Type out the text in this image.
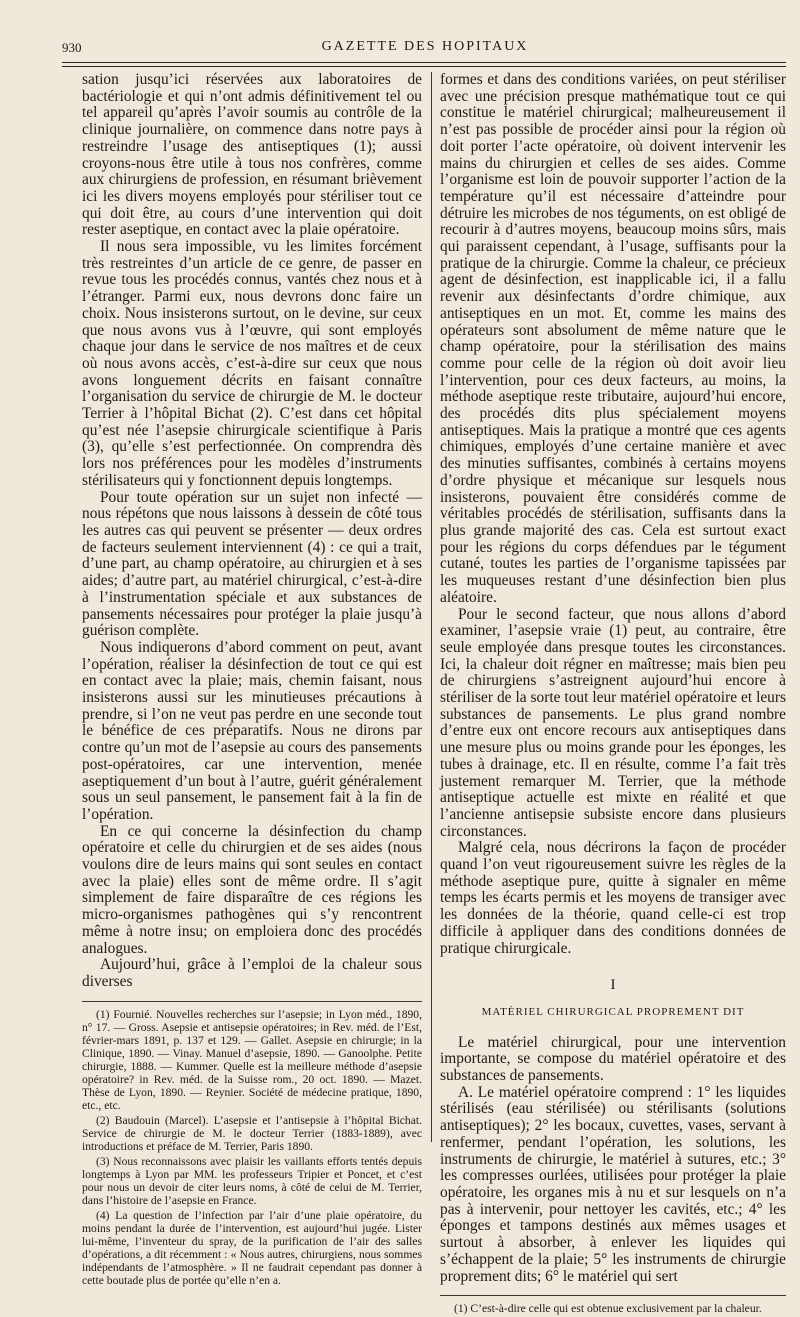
930	GAZETTE DES HOPITAUX

sation jusqu’ici réservées aux laboratoires de bactériologie et qui n’ont admis définitivement tel ou tel appareil qu’après l’avoir soumis au contrôle de la clinique journalière, on commence dans notre pays à restreindre l’usage des antiseptiques (1); aussi croyons-nous être utile à tous nos confrères, comme aux chirurgiens de profession, en résumant brièvement ici les divers moyens employés pour stériliser tout ce qui doit être, au cours d’une intervention qui doit rester aseptique, en contact avec la plaie opératoire.

Il nous sera impossible, vu les limites forcément très restreintes d’un article de ce genre, de passer en revue tous les procédés connus, vantés chez nous et à l’étranger. Parmi eux, nous devrons donc faire un choix. Nous insisterons surtout, on le devine, sur ceux que nous avons vus à l’œuvre, qui sont employés chaque jour dans le service de nos maîtres et de ceux où nous avons accès, c’est-à-dire sur ceux que nous avons longuement décrits en faisant connaître l’organisation du service de chirurgie de M. le docteur Terrier à l’hôpital Bichat (2). C’est dans cet hôpital qu’est née l’asepsie chirurgicale scientifique à Paris (3), qu’elle s’est perfectionnée. On comprendra dès lors nos préférences pour les modèles d’instruments stérilisateurs qui y fonctionnent depuis longtemps.

Pour toute opération sur un sujet non infecté — nous répétons que nous laissons à dessein de côté tous les autres cas qui peuvent se présenter — deux ordres de facteurs seulement interviennent (4) : ce qui a trait, d’une part, au champ opératoire, au chirurgien et à ses aides; d’autre part, au matériel chirurgical, c’est-à-dire à l’instrumentation spéciale et aux substances de pansements nécessaires pour protéger la plaie jusqu’à guérison complète.

Nous indiquerons d’abord comment on peut, avant l’opération, réaliser la désinfection de tout ce qui est en contact avec la plaie; mais, chemin faisant, nous insisterons aussi sur les minutieuses précautions à prendre, si l’on ne veut pas perdre en une seconde tout le bénéfice de ces préparatifs. Nous ne dirons par contre qu’un mot de l’asepsie au cours des pansements post-opératoires, car une intervention, menée aseptiquement d’un bout à l’autre, guérit généralement sous un seul pansement, le pansement fait à la fin de l’opération.

En ce qui concerne la désinfection du champ opératoire et celle du chirurgien et de ses aides (nous voulons dire de leurs mains qui sont seules en contact avec la plaie) elles sont de même ordre. Il s’agit simplement de faire disparaître de ces régions les micro-organismes pathogènes qui s’y rencontrent même à notre insu; on emploiera donc des procédés analogues.

Aujourd’hui, grâce à l’emploi de la chaleur sous diverses

(1) Fournié. Nouvelles recherches sur l’asepsie; in Lyon méd., 1890, n° 17. — Gross. Asepsie et antisepsie opératoires; in Rev. méd. de l’Est, février-mars 1891, p. 137 et 129. — Gallet. Asepsie en chirurgie; in la Clinique, 1890. — Vinay. Manuel d’asepsie, 1890. — Ganoolphe. Petite chirurgie, 1888. — Kummer. Quelle est la meilleure méthode d’asepsie opératoire? in Rev. méd. de la Suisse rom., 20 oct. 1890. — Mazet. Thèse de Lyon, 1890. — Reynier. Société de médecine pratique, 1890, etc., etc.

(2) Baudouin (Marcel). L’asepsie et l’antisepsie à l’hôpital Bichat. Service de chirurgie de M. le docteur Terrier (1883-1889), avec introductions et préface de M. Terrier, Paris 1890.

(3) Nous reconnaissons avec plaisir les vaillants efforts tentés depuis longtemps à Lyon par MM. les professeurs Tripier et Poncet, et c’est pour nous un devoir de citer leurs noms, à côté de celui de M. Terrier, dans l’histoire de l’asepsie en France.

(4) La question de l’infection par l’air d’une plaie opératoire, du moins pendant la durée de l’intervention, est aujourd’hui jugée. Lister lui-même, l’inventeur du spray, de la purification de l’air des salles d’opérations, a dit récemment : « Nous autres, chirurgiens, nous sommes indépendants de l’atmosphère. » Il ne faudrait cependant pas donner à cette boutade plus de portée qu’elle n’en a.

formes et dans des conditions variées, on peut stériliser avec une précision presque mathématique tout ce qui constitue le matériel chirurgical; malheureusement il n’est pas possible de procéder ainsi pour la région où doit porter l’acte opératoire, où doivent intervenir les mains du chirurgien et celles de ses aides. Comme l’organisme est loin de pouvoir supporter l’action de la température qu’il est nécessaire d’atteindre pour détruire les microbes de nos téguments, on est obligé de recourir à d’autres moyens, beaucoup moins sûrs, mais qui paraissent cependant, à l’usage, suffisants pour la pratique de la chirurgie. Comme la chaleur, ce précieux agent de désinfection, est inapplicable ici, il a fallu revenir aux désinfectants d’ordre chimique, aux antiseptiques en un mot. Et, comme les mains des opérateurs sont absolument de même nature que le champ opératoire, pour la stérilisation des mains comme pour celle de la région où doit avoir lieu l’intervention, pour ces deux facteurs, au moins, la méthode aseptique reste tributaire, aujourd’hui encore, des procédés dits plus spécialement moyens antiseptiques. Mais la pratique a montré que ces agents chimiques, employés d’une certaine manière et avec des minuties suffisantes, combinés à certains moyens d’ordre physique et mécanique sur lesquels nous insisterons, pouvaient être considérés comme de véritables procédés de stérilisation, suffisants dans la plus grande majorité des cas. Cela est surtout exact pour les régions du corps défendues par le tégument cutané, toutes les parties de l’organisme tapissées par les muqueuses restant d’une désinfection bien plus aléatoire.

Pour le second facteur, que nous allons d’abord examiner, l’asepsie vraie (1) peut, au contraire, être seule employée dans presque toutes les circonstances. Ici, la chaleur doit régner en maîtresse; mais bien peu de chirurgiens s’astreignent aujourd’hui encore à stériliser de la sorte tout leur matériel opératoire et leurs substances de pansements. Le plus grand nombre d’entre eux ont encore recours aux antiseptiques dans une mesure plus ou moins grande pour les éponges, les tubes à drainage, etc. Il en résulte, comme l’a fait très justement remarquer M. Terrier, que la méthode antiseptique actuelle est mixte en réalité et que l’ancienne antisepsie subsiste encore dans plusieurs circonstances.

Malgré cela, nous décrirons la façon de procéder quand l’on veut rigoureusement suivre les règles de la méthode aseptique pure, quitte à signaler en même temps les écarts permis et les moyens de transiger avec les données de la théorie, quand celle-ci est trop difficile à appliquer dans des conditions données de pratique chirurgicale.

I
MATÉRIEL CHIRURGICAL PROPREMENT DIT

Le matériel chirurgical, pour une intervention importante, se compose du matériel opératoire et des substances de pansements.

A. Le matériel opératoire comprend : 1° les liquides stérilisés (eau stérilisée) ou stérilisants (solutions antiseptiques); 2° les bocaux, cuvettes, vases, servant à renfermer, pendant l’opération, les solutions, les instruments de chirurgie, le matériel à sutures, etc.; 3° les compresses ourlées, utilisées pour protéger la plaie opératoire, les organes mis à nu et sur lesquels on n’a pas à intervenir, pour nettoyer les cavités, etc.; 4° les éponges et tampons destinés aux mêmes usages et surtout à absorber, à enlever les liquides qui s’échappent de la plaie; 5° les instruments de chirurgie proprement dits; 6° le matériel qui sert

(1) C’est-à-dire celle qui est obtenue exclusivement par la chaleur.
